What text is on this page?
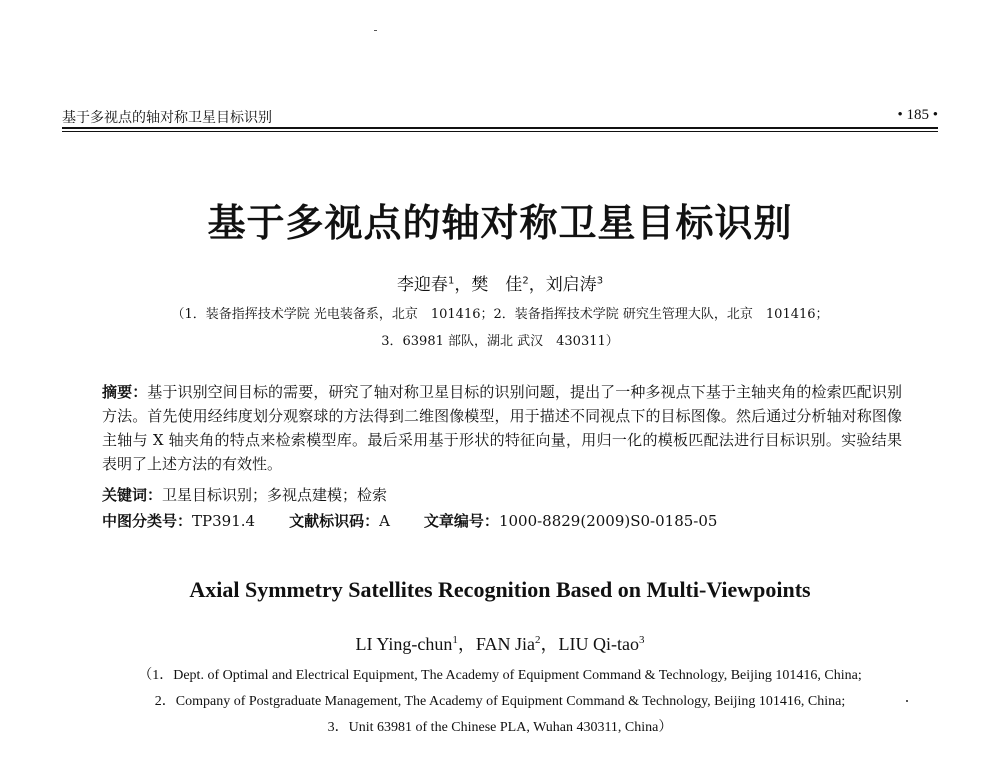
基于多视点的轴对称卫星目标识别	• 185 •
基于多视点的轴对称卫星目标识别
李迎春$^1$，樊　佳$^2$，刘启涛$^3$
（1．装备指挥技术学院 光电装备系，北京　101416；2．装备指挥技术学院 研究生管理大队，北京　101416；
3．63981 部队，湖北 武汉　430311）
摘要：基于识别空间目标的需要，研究了轴对称卫星目标的识别问题，提出了一种多视点下基于主轴夹角的检索匹配识别方法。首先使用经纬度划分观察球的方法得到二维图像模型，用于描述不同视点下的目标图像。然后通过分析轴对称图像主轴与 X 轴夹角的特点来检索模型库。最后采用基于形状的特征向量，用归一化的模板匹配法进行目标识别。实验结果表明了上述方法的有效性。
关键词：卫星目标识别；多视点建模；检索
中图分类号：TP391.4 文献标识码：A 文章编号：1000-8829(2009)S0-0185-05
Axial Symmetry Satellites Recognition Based on Multi-Viewpoints
LI Ying-chun$^1$，FAN Jia$^2$，LIU Qi-tao$^3$
（1．Dept. of Optimal and Electrical Equipment, The Academy of Equipment Command & Technology, Beijing 101416, China;
2．Company of Postgraduate Management, The Academy of Equipment Command & Technology, Beijing 101416, China;
3．Unit 63981 of the Chinese PLA, Wuhan 430311, China）
